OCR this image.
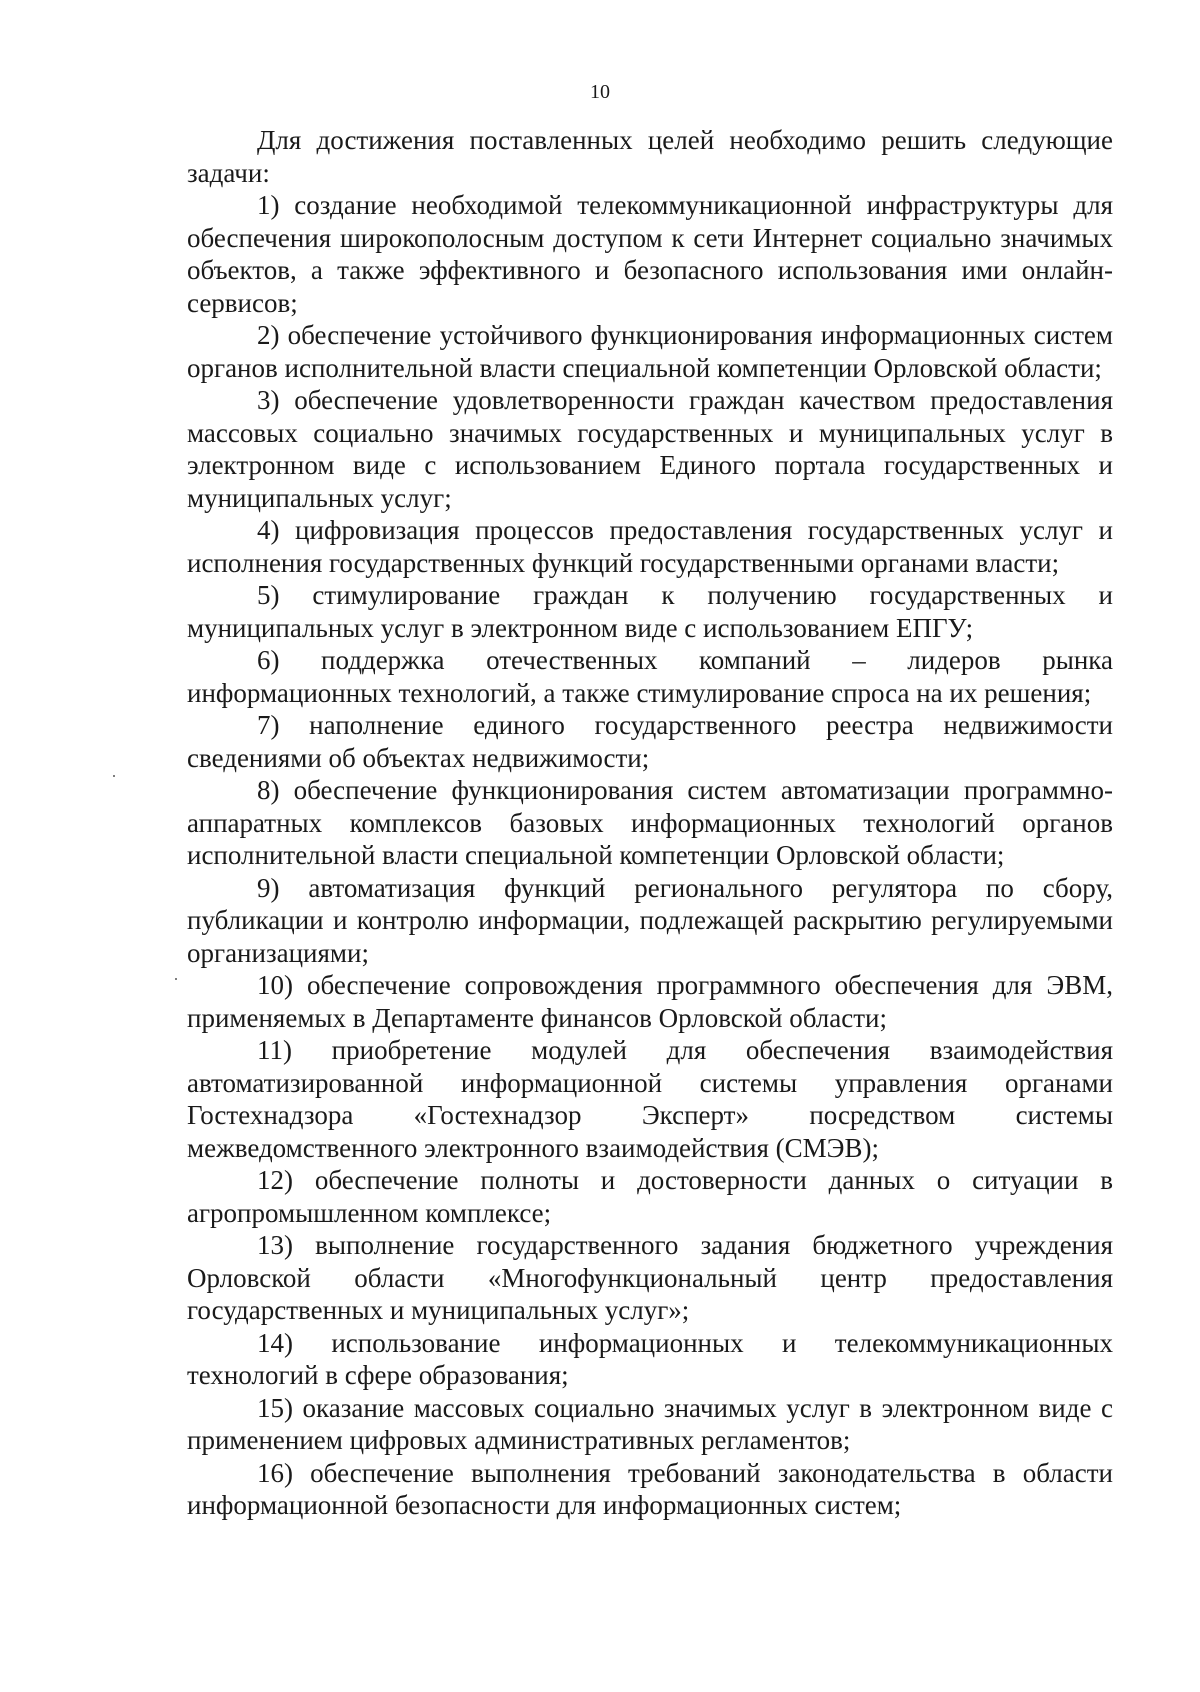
10

Для достижения поставленных целей необходимо решить следующие задачи:

1) создание необходимой телекоммуникационной инфраструктуры для обеспечения широкополосным доступом к сети Интернет социально значимых объектов, а также эффективного и безопасного использования ими онлайн-сервисов;

2) обеспечение устойчивого функционирования информационных систем органов исполнительной власти специальной компетенции Орловской области;

3) обеспечение удовлетворенности граждан качеством предоставления массовых социально значимых государственных и муниципальных услуг в электронном виде с использованием Единого портала государственных и муниципальных услуг;

4) цифровизация процессов предоставления государственных услуг и исполнения государственных функций государственными органами власти;

5) стимулирование граждан к получению государственных и муниципальных услуг в электронном виде с использованием ЕПГУ;

6) поддержка отечественных компаний – лидеров рынка информационных технологий, а также стимулирование спроса на их решения;

7) наполнение единого государственного реестра недвижимости сведениями об объектах недвижимости;

8) обеспечение функционирования систем автоматизации программно-аппаратных комплексов базовых информационных технологий органов исполнительной власти специальной компетенции Орловской области;

9) автоматизация функций регионального регулятора по сбору, публикации и контролю информации, подлежащей раскрытию регулируемыми организациями;

10) обеспечение сопровождения программного обеспечения для ЭВМ, применяемых в Департаменте финансов Орловской области;

11) приобретение модулей для обеспечения взаимодействия автоматизированной информационной системы управления органами Гостехнадзора «Гостехнадзор Эксперт» посредством системы межведомственного электронного взаимодействия (СМЭВ);

12) обеспечение полноты и достоверности данных о ситуации в агропромышленном комплексе;

13) выполнение государственного задания бюджетного учреждения Орловской области «Многофункциональный центр предоставления государственных и муниципальных услуг»;

14) использование информационных и телекоммуникационных технологий в сфере образования;

15) оказание массовых социально значимых услуг в электронном виде с применением цифровых административных регламентов;

16) обеспечение выполнения требований законодательства в области информационной безопасности для информационных систем;
